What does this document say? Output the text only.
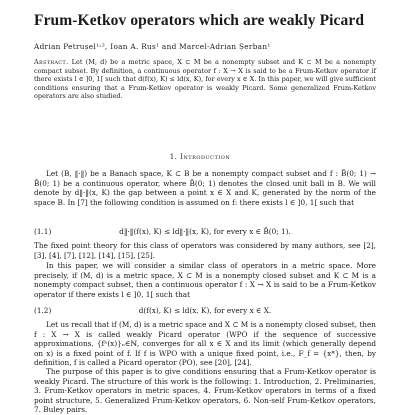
Frum-Ketkov operators which are weakly Picard
Adrian Petrușel¹˒², Ioan A. Rus¹ and Marcel-Adrian Șerban¹
Abstract. Let (M, d) be a metric space, X ⊂ M be a nonempty subset and K ⊂ M be a nonempty compact subset. By definition, a continuous operator f : X → X is said to be a Frum-Ketkov operator if there exists l ∈ ]0, 1[ such that d(f(x), K) ≤ ld(x, K), for every x ∈ X. In this paper, we will give sufficient conditions ensuring that a Frum-Ketkov operator is weakly Picard. Some generalized Frum-Ketkov operators are also studied.
1. Introduction
Let (B, ‖·‖) be a Banach space, K ⊂ B be a nonempty compact subset and f : B̄(0; 1) → B̄(0; 1) be a continuous operator, where B̄(0; 1) denotes the closed unit ball in B. We will denote by d‖·‖(x, K) the gap between a point x ∈ X and K, generated by the norm of the space B. In [7] the following condition is assumed on f: there exists l ∈ ]0, 1[ such that
(1.1)	d‖·‖(f(x), K) ≤ ld‖·‖(x, K), for every x ∈ B̄(0; 1).
The fixed point theory for this class of operators was considered by many authors, see [2], [3], [4], [7], [12], [14], [15], [25].
In this paper, we will consider a similar class of operators in a metric space. More precisely, if (M, d) is a metric space, X ⊂ M is a nonempty closed subset and K ⊂ M is a nonempty compact subset, then a continuous operator f : X → X is said to be a Frum-Ketkov operator if there exists l ∈ ]0, 1[ such that
(1.2)	d(f(x), K) ≤ ld(x, K), for every x ∈ X.
Let us recall that if (M, d) is a metric space and X ⊂ M is a nonempty closed subset, then f : X → X is called weakly Picard operator (WPO if the sequence of successive approximations, {fⁿ(x)}ₙ∈ℕ, converges for all x ∈ X and its limit (which generally depend on x) is a fixed point of f. If f is WPO with a unique fixed point, i.e., F_f = {x*}, then, by definition, f is called a Picard operator (PO), see [20], [24].
The purpose of this paper is to give conditions ensuring that a Frum-Ketkov operator is weakly Picard. The structure of this work is the following: 1. Introduction, 2. Preliminaries, 3. Frum-Ketkov operators in metric spaces, 4. Frum-Ketkov operators in terms of a fixed point structure, 5. Generalized Frum-Ketkov operators, 6. Non-self Frum-Ketkov operators, 7. Buley pairs.
